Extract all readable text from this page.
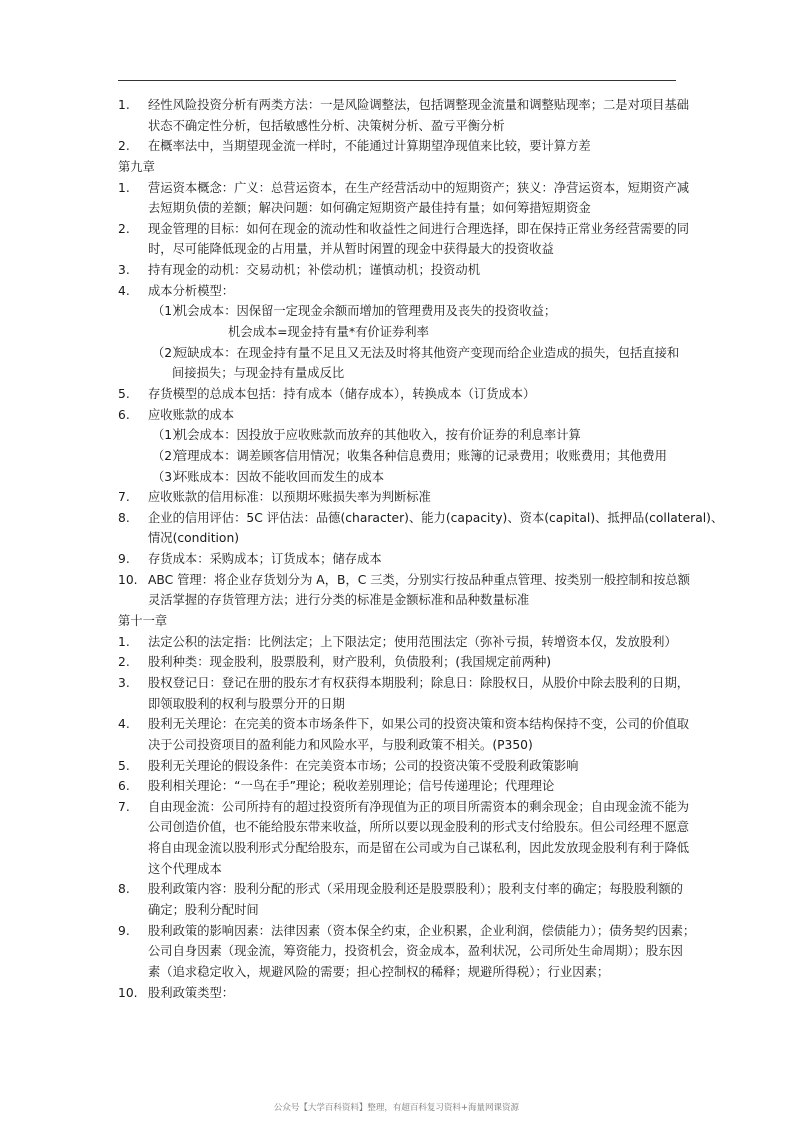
1. 经性风险投资分析有两类方法：一是风险调整法，包括调整现金流量和调整贴现率；二是对项目基础
状态不确定性分析，包括敏感性分析、决策树分析、盈亏平衡分析
2. 在概率法中，当期望现金流一样时，不能通过计算期望净现值来比较，要计算方差
第九章
1. 营运资本概念：广义：总营运资本，在生产经营活动中的短期资产；狭义：净营运资本，短期资产减
去短期负债的差额；解决问题：如何确定短期资产最佳持有量；如何筹措短期资金
2. 现金管理的目标：如何在现金的流动性和收益性之间进行合理选择，即在保持正常业务经营需要的同
时，尽可能降低现金的占用量，并从暂时闲置的现金中获得最大的投资收益
3. 持有现金的动机：交易动机；补偿动机；谨慎动机；投资动机
4. 成本分析模型：
（1）
机会成本：因保留一定现金余额而增加的管理费用及丧失的投资收益；
机会成本=现金持有量*有价证券利率
（2）
短缺成本：在现金持有量不足且又无法及时将其他资产变现而给企业造成的损失，包括直接和
间接损失；与现金持有量成反比
5. 存货模型的总成本包括：持有成本（储存成本），转换成本（订货成本）
6. 应收账款的成本
（1）
机会成本：因投放于应收账款而放弃的其他收入，按有价证券的利息率计算
（2）
管理成本：调差顾客信用情况；收集各种信息费用；账簿的记录费用；收账费用；其他费用
（3）
坏账成本：因故不能收回而发生的成本
7. 应收账款的信用标准：以预期坏账损失率为判断标准
8. 企业的信用评估：5C 评估法：品德(character)、能力(capacity)、资本(capital)、抵押品(collateral)、
情况(condition)
9. 存货成本：采购成本；订货成本；储存成本
10. ABC 管理：将企业存货划分为 A，B，C 三类，分别实行按品种重点管理、按类别一般控制和按总额
灵活掌握的存货管理方法；进行分类的标准是金额标准和品种数量标准
第十一章
1. 法定公积的法定指：比例法定；上下限法定；使用范围法定（弥补亏损，转增资本仅，发放股利）
2. 股利种类：现金股利，股票股利，财产股利，负债股利；(我国规定前两种)
3. 股权登记日：登记在册的股东才有权获得本期股利；除息日：除股权日，从股价中除去股利的日期，
即领取股利的权利与股票分开的日期
4. 股利无关理论：在完美的资本市场条件下，如果公司的投资决策和资本结构保持不变，公司的价值取
决于公司投资项目的盈利能力和风险水平，与股利政策不相关。(P350)
5. 股利无关理论的假设条件：在完美资本市场；公司的投资决策不受股利政策影响
6. 股利相关理论：“一鸟在手”理论；税收差别理论；信号传递理论；代理理论
7. 自由现金流：公司所持有的超过投资所有净现值为正的项目所需资本的剩余现金；自由现金流不能为
公司创造价值，也不能给股东带来收益，所所以要以现金股利的形式支付给股东。但公司经理不愿意
将自由现金流以股利形式分配给股东，而是留在公司或为自己谋私利，因此发放现金股利有利于降低
这个代理成本
8. 股利政策内容：股利分配的形式（采用现金股利还是股票股利）；股利支付率的确定；每股股利额的
确定；股利分配时间
9. 股利政策的影响因素：法律因素（资本保全约束，企业积累，企业利润，偿债能力）；债务契约因素；
公司自身因素（现金流，筹资能力，投资机会，资金成本，盈利状况，公司所处生命周期）；股东因
素（追求稳定收入，规避风险的需要；担心控制权的稀释；规避所得税）；行业因素；
10. 股利政策类型：
公众号【大学百科资料】整理，有超百科复习资料+海量网课资源
